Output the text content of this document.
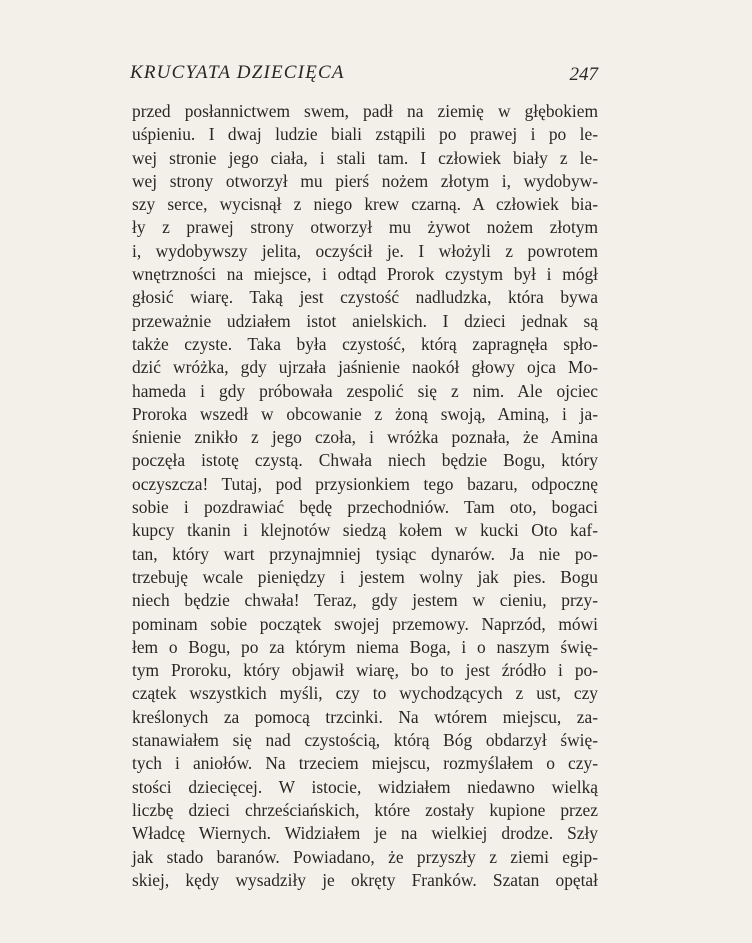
KRUCYATA DZIECIĘCA	247
przed posłannictwem swem, padł na ziemię w głębokiem
uśpieniu. I dwaj ludzie biali zstąpili po prawej i po le-
wej stronie jego ciała, i stali tam. I człowiek biały z le-
wej strony otworzył mu pierś nożem złotym i, wydobyw-
szy serce, wycisnął z niego krew czarną. A człowiek bia-
ły z prawej strony otworzył mu żywot nożem złotym
i, wydobywszy jelita, oczyścił je. I włożyli z powrotem
wnętrzności na miejsce, i odtąd Prorok czystym był i mógł
głosić wiarę. Taką jest czystość nadludzka, która bywa
przeważnie udziałem istot anielskich. I dzieci jednak są
także czyste. Taka była czystość, którą zapragnęła spło-
dzić wróżka, gdy ujrzała jaśnienie naokół głowy ojca Mo-
hameda i gdy próbowała zespolić się z nim. Ale ojciec
Proroka wszedł w obcowanie z żoną swoją, Aminą, i ja-
śnienie znikło z jego czoła, i wróżka poznała, że Amina
poczęła istotę czystą. Chwała niech będzie Bogu, który
oczyszcza! Tutaj, pod przysionkiem tego bazaru, odpocznę
sobie i pozdrawiać będę przechodniów. Tam oto, bogaci
kupcy tkanin i klejnotów siedzą kołem w kucki Oto kaf-
tan, który wart przynajmniej tysiąc dynarów. Ja nie po-
trzebuję wcale pieniędzy i jestem wolny jak pies. Bogu
niech będzie chwała! Teraz, gdy jestem w cieniu, przy-
pominam sobie początek swojej przemowy. Naprzód, mówi
łem o Bogu, po za którym niema Boga, i o naszym świę-
tym Proroku, który objawił wiarę, bo to jest źródło i po-
czątek wszystkich myśli, czy to wychodzących z ust, czy
kreślonych za pomocą trzcinki. Na wtórem miejscu, za-
stanawiałem się nad czystością, którą Bóg obdarzył świę-
tych i aniołów. Na trzeciem miejscu, rozmyślałem o czy-
stości dziecięcej. W istocie, widziałem niedawno wielką
liczbę dzieci chrześciańskich, które zostały kupione przez
Władcę Wiernych. Widziałem je na wielkiej drodze. Szły
jak stado baranów. Powiadano, że przyszły z ziemi egip-
skiej, kędy wysadziły je okręty Franków. Szatan opętał
